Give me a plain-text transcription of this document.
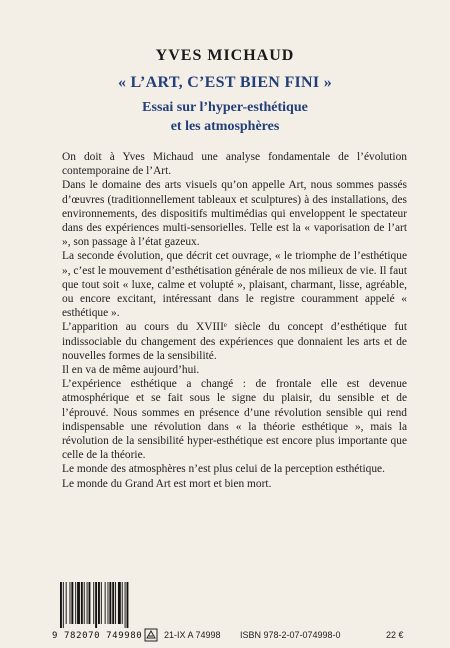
YVES MICHAUD
« L’ART, C’EST BIEN FINI »
Essai sur l’hyper-esthétique
et les atmosphères

On doit à Yves Michaud une analyse fondamentale de l’évolution contemporaine de l’Art.

Dans le domaine des arts visuels qu’on appelle Art, nous sommes passés d’œuvres (traditionnellement tableaux et sculptures) à des installations, des environnements, des dispositifs multimédias qui enveloppent le spectateur dans des expériences multi-sensorielles. Telle est la « vaporisation de l’art », son passage à l’état gazeux.

La seconde évolution, que décrit cet ouvrage, « le triomphe de l’esthétique », c’est le mouvement d’esthétisation générale de nos milieux de vie. Il faut que tout soit « luxe, calme et volupté », plaisant, charmant, lisse, agréable, ou encore excitant, intéressant dans le registre couramment appelé « esthétique ».

L’apparition au cours du XVIIIᵉ siècle du concept d’esthétique fut indissociable du changement des expériences que donnaient les arts et de nouvelles formes de la sensibilité.

Il en va de même aujourd’hui.

L’expérience esthétique a changé : de frontale elle est devenue atmosphérique et se fait sous le signe du plaisir, du sensible et de l’éprouvé. Nous sommes en présence d’une révolution sensible qui rend indispensable une révolution dans « la théorie esthétique », mais la révolution de la sensibilité hyper-esthétique est encore plus importante que celle de la théorie.

Le monde des atmosphères n’est plus celui de la perception esthétique.

Le monde du Grand Art est mort et bien mort.

9 782070 749980 21-IX A 74998 ISBN 978-2-07-074998-0	22 €
